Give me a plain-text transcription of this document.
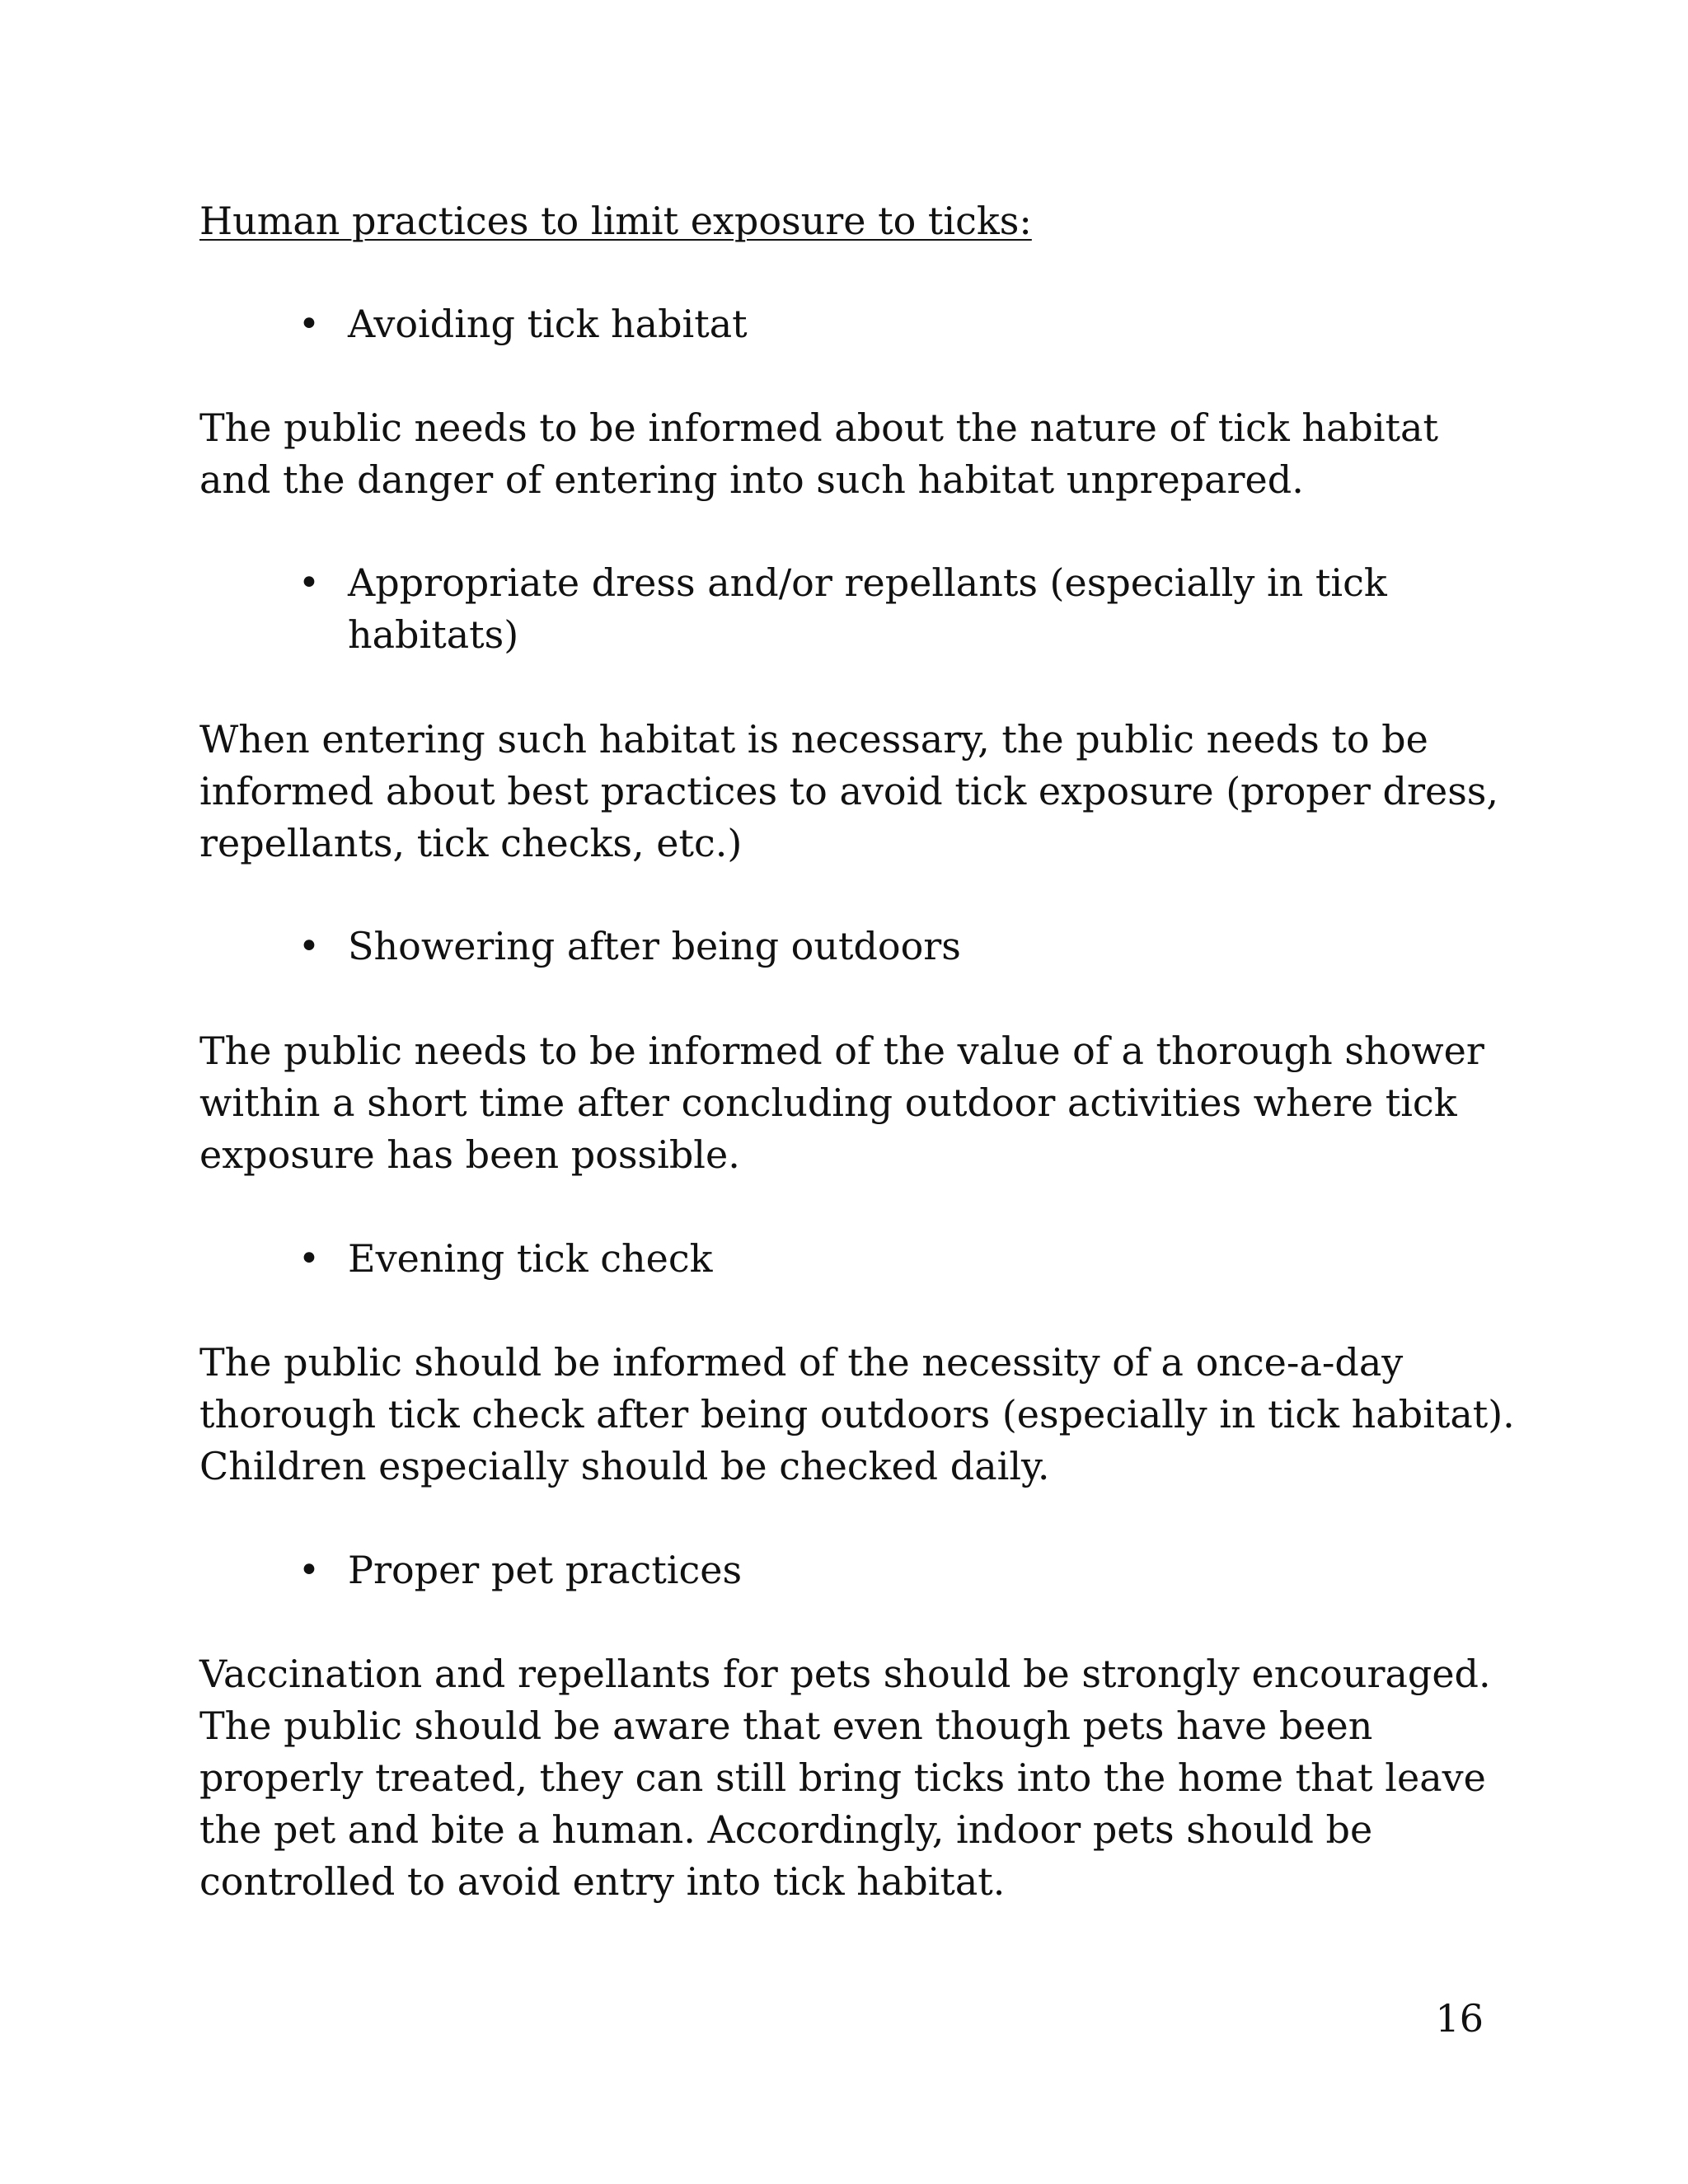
Human practices to limit exposure to ticks:
• Avoiding tick habitat

The public needs to be informed about the nature of tick habitat
and the danger of entering into such habitat unprepared.

• Appropriate dress and/or repellants (especially in tick
habitats)

When entering such habitat is necessary, the public needs to be
informed about best practices to avoid tick exposure (proper dress,
repellants, tick checks, etc.)

• Showering after being outdoors

The public needs to be informed of the value of a thorough shower
within a short time after concluding outdoor activities where tick
exposure has been possible.

• Evening tick check

The public should be informed of the necessity of a once-a-day
thorough tick check after being outdoors (especially in tick habitat).
Children especially should be checked daily.

• Proper pet practices

Vaccination and repellants for pets should be strongly encouraged.
The public should be aware that even though pets have been
properly treated, they can still bring ticks into the home that leave
the pet and bite a human. Accordingly, indoor pets should be
controlled to avoid entry into tick habitat.

16
